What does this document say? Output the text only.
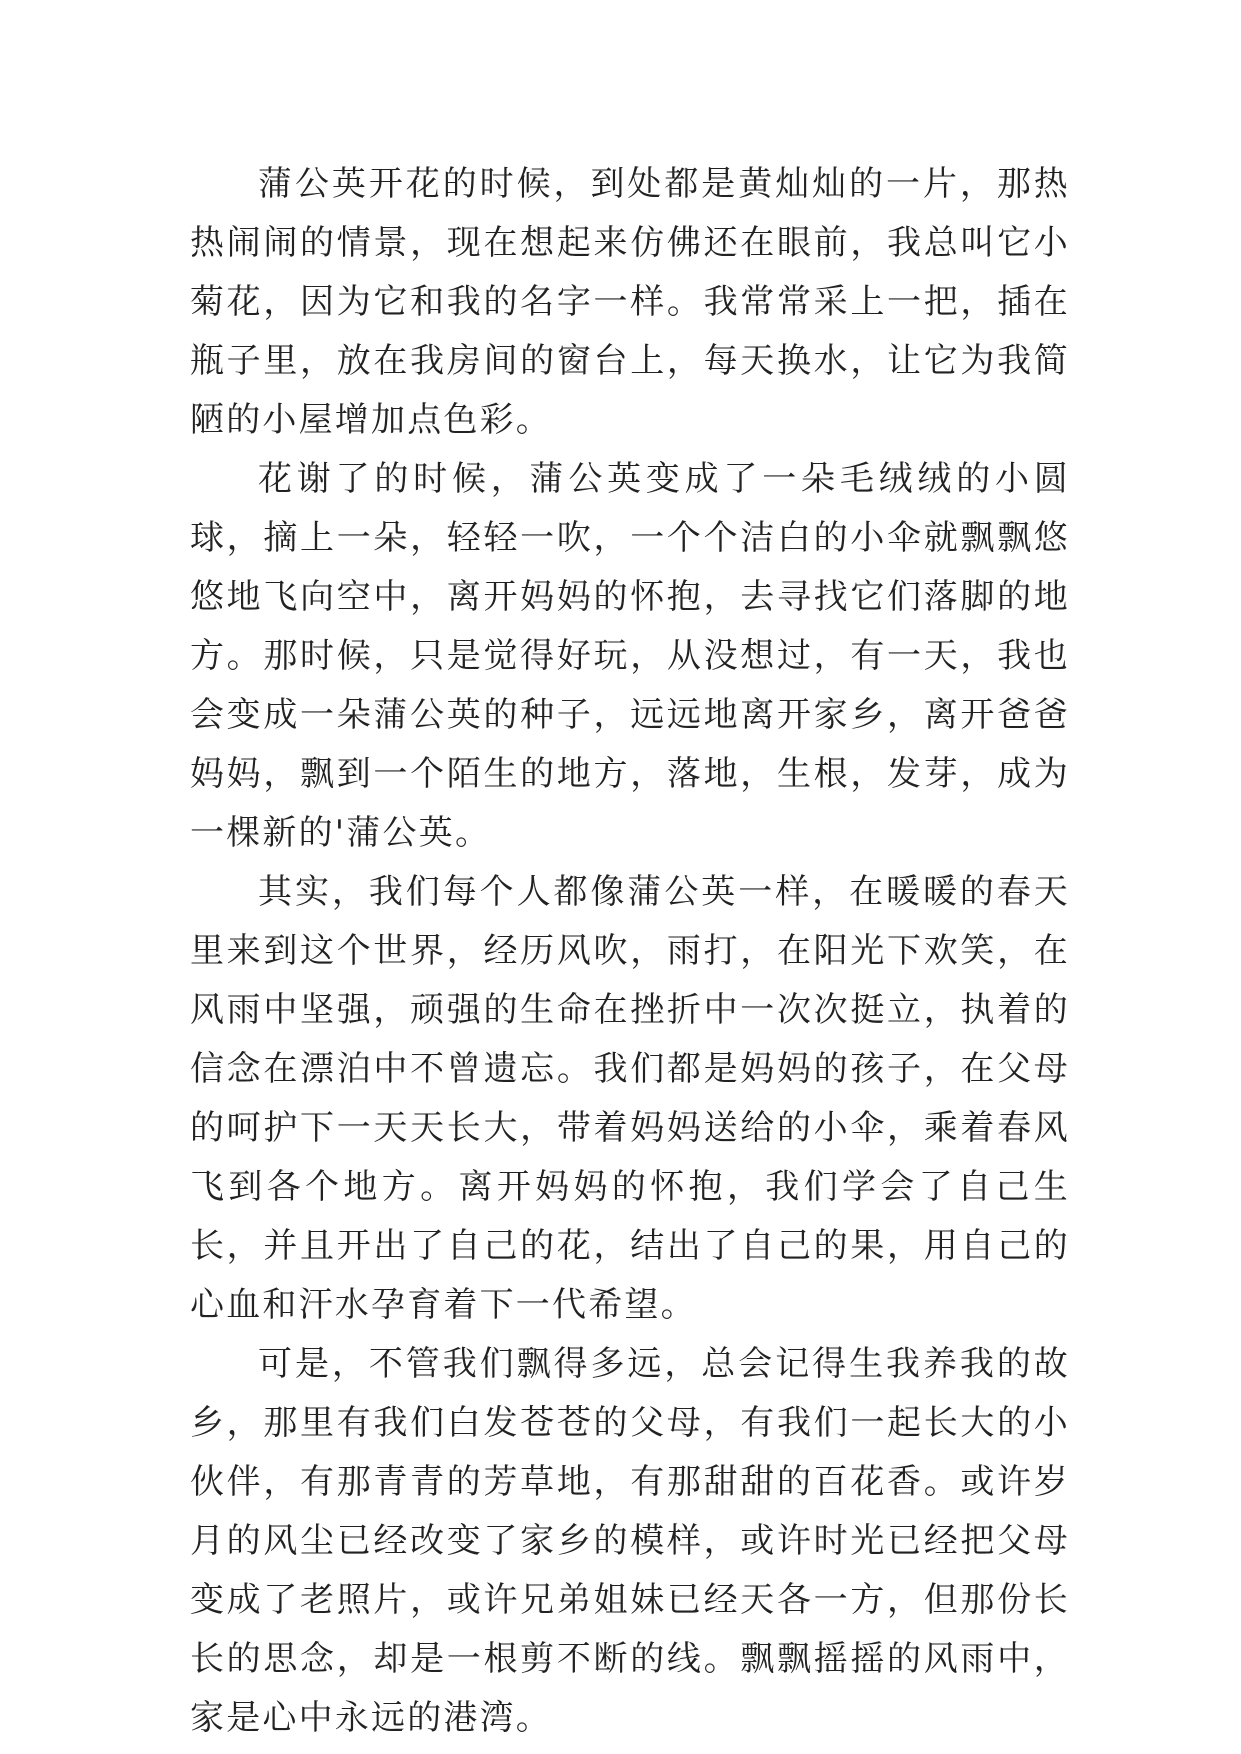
蒲公英开花的时候，到处都是黄灿灿的一片，那热热闹闹的情景，现在想起来仿佛还在眼前，我总叫它小菊花，因为它和我的名字一样。我常常采上一把，插在瓶子里，放在我房间的窗台上，每天换水，让它为我简陋的小屋增加点色彩。

花谢了的时候，蒲公英变成了一朵毛绒绒的小圆球，摘上一朵，轻轻一吹，一个个洁白的小伞就飘飘悠悠地飞向空中，离开妈妈的怀抱，去寻找它们落脚的地方。那时候，只是觉得好玩，从没想过，有一天，我也会变成一朵蒲公英的种子，远远地离开家乡，离开爸爸妈妈，飘到一个陌生的地方，落地，生根，发芽，成为一棵新的'蒲公英。

其实，我们每个人都像蒲公英一样，在暖暖的春天里来到这个世界，经历风吹，雨打，在阳光下欢笑，在风雨中坚强，顽强的生命在挫折中一次次挺立，执着的信念在漂泊中不曾遗忘。我们都是妈妈的孩子，在父母的呵护下一天天长大，带着妈妈送给的小伞，乘着春风飞到各个地方。离开妈妈的怀抱，我们学会了自己生长，并且开出了自己的花，结出了自己的果，用自己的心血和汗水孕育着下一代希望。

可是，不管我们飘得多远，总会记得生我养我的故乡，那里有我们白发苍苍的父母，有我们一起长大的小伙伴，有那青青的芳草地，有那甜甜的百花香。或许岁月的风尘已经改变了家乡的模样，或许时光已经把父母变成了老照片，或许兄弟姐妹已经天各一方，但那份长长的思念，却是一根剪不断的线。飘飘摇摇的风雨中，家是心中永远的港湾。
